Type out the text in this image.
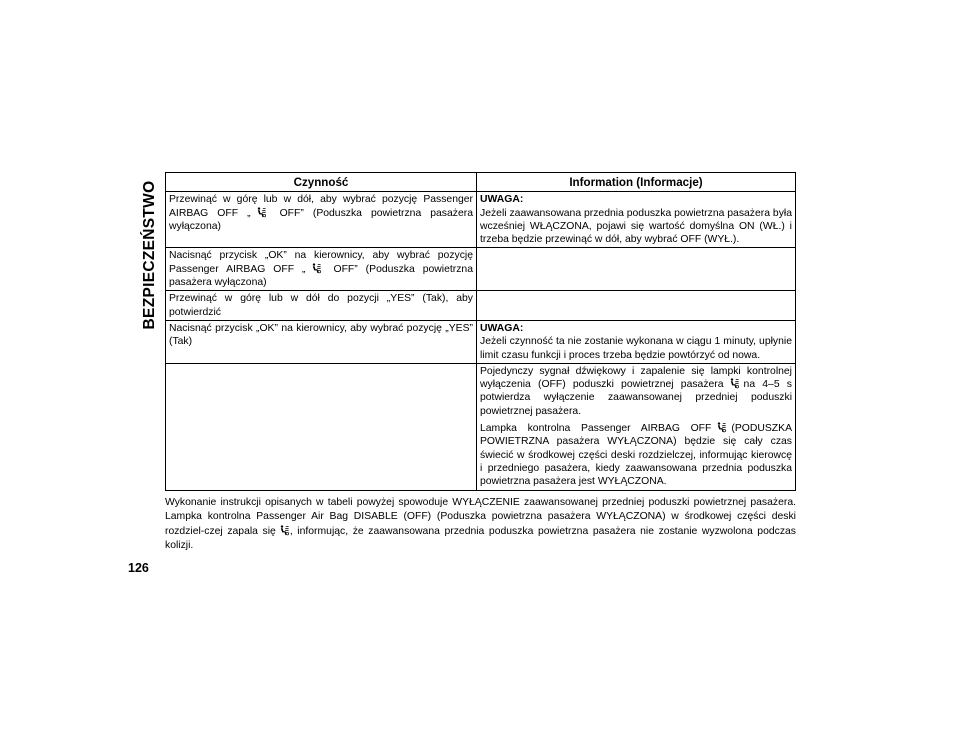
BEZPIECZEŃSTWO	Czynność	Information (Informacje)
Przewinąć w górę lub w dół, aby wybrać pozycję Passenger AIRBAG OFF „
OFF” (Poduszka powietrzna pasażera wyłączona)	UWAGA:
Jeżeli zaawansowana przednia poduszka powietrzna pasażera była wcześniej WŁĄCZONA, pojawi się wartość domyślna ON (WŁ.) i trzeba będzie przewinąć w dół, aby wybrać OFF (WYŁ.).
Nacisnąć przycisk „OK” na kierownicy, aby wybrać pozycję Passenger AIRBAG OFF „
OFF” (Poduszka powietrzna pasażera wyłączona)	
Przewinąć w górę lub w dół do pozycji „YES” (Tak), aby potwierdzić	
Nacisnąć przycisk „OK” na kierownicy, aby wybrać pozycję „YES” (Tak)	UWAGA:
Jeżeli czynność ta nie zostanie wykonana w ciągu 1 minuty, upłynie limit czasu funkcji i proces trzeba będzie powtórzyć od nowa.

	Pojedynczy sygnał dźwiękowy i zapalenie się lampki kontrolnej wyłączenia (OFF) poduszki powietrznej pasażera na 4–5 s potwierdza wyłączenie zaawansowanej przedniej poduszki powietrznej pasażera.

Lampka kontrolna Passenger AIRBAG OFF (PODUSZKA POWIETRZNA pasażera WYŁĄCZONA) będzie się cały czas świecić w środkowej części deski rozdzielczej, informując kierowcę i przedniego pasażera, kiedy zaawansowana przednia poduszka powietrzna pasażera jest WYŁĄCZONA.

Wykonanie instrukcji opisanych w tabeli powyżej spowoduje WYŁĄCZENIE zaawansowanej przedniej poduszki powietrznej pasażera. Lampka kontrolna Passenger Air Bag DISABLE (OFF) (Poduszka powietrzna pasażera WYŁĄCZONA) w środkowej części deski rozdziel-czej zapala się , informując, że zaawansowana przednia poduszka powietrzna pasażera nie zostanie wyzwolona podczas kolizji.
126
